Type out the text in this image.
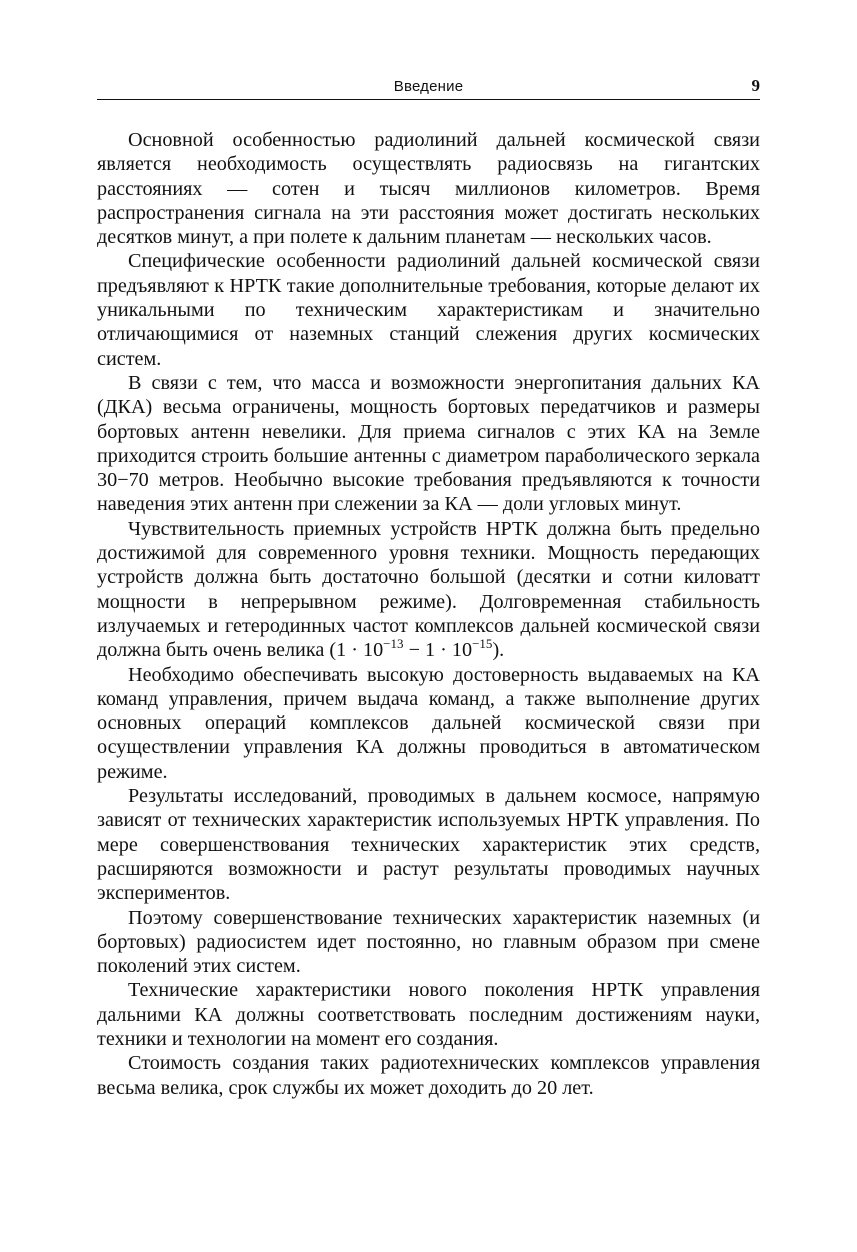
Введение	9

Основной особенностью радиолиний дальней космической связи является необходимость осуществлять радиосвязь на гигантских расстояниях — сотен и тысяч миллионов километров. Время распространения сигнала на эти расстояния может достигать нескольких десятков минут, а при полете к дальним планетам — нескольких часов.

Специфические особенности радиолиний дальней космической связи предъявляют к НРТК такие дополнительные требования, которые делают их уникальными по техническим характеристикам и значительно отличающимися от наземных станций слежения других космических систем.

В связи с тем, что масса и возможности энергопитания дальних КА (ДКА) весьма ограничены, мощность бортовых передатчиков и размеры бортовых антенн невелики. Для приема сигналов с этих КА на Земле приходится строить большие антенны с диаметром параболического зеркала 30−70 метров. Необычно высокие требования предъявляются к точности наведения этих антенн при слежении за КА — доли угловых минут.

Чувствительность приемных устройств НРТК должна быть предельно достижимой для современного уровня техники. Мощность передающих устройств должна быть достаточно большой (десятки и сотни киловатт мощности в непрерывном режиме). Долговременная стабильность излучаемых и гетеродинных частот комплексов дальней космической связи должна быть очень велика $(1 \cdot 10^{-13} - 1 \cdot 10^{-15})$.

Необходимо обеспечивать высокую достоверность выдаваемых на КА команд управления, причем выдача команд, а также выполнение других основных операций комплексов дальней космической связи при осуществлении управления КА должны проводиться в автоматическом режиме.

Результаты исследований, проводимых в дальнем космосе, напрямую зависят от технических характеристик используемых НРТК управления. По мере совершенствования технических характеристик этих средств, расширяются возможности и растут результаты проводимых научных экспериментов.

Поэтому совершенствование технических характеристик наземных (и бортовых) радиосистем идет постоянно, но главным образом при смене поколений этих систем.

Технические характеристики нового поколения НРТК управления дальними КА должны соответствовать последним достижениям науки, техники и технологии на момент его создания.

Стоимость создания таких радиотехнических комплексов управления весьма велика, срок службы их может доходить до 20 лет.
